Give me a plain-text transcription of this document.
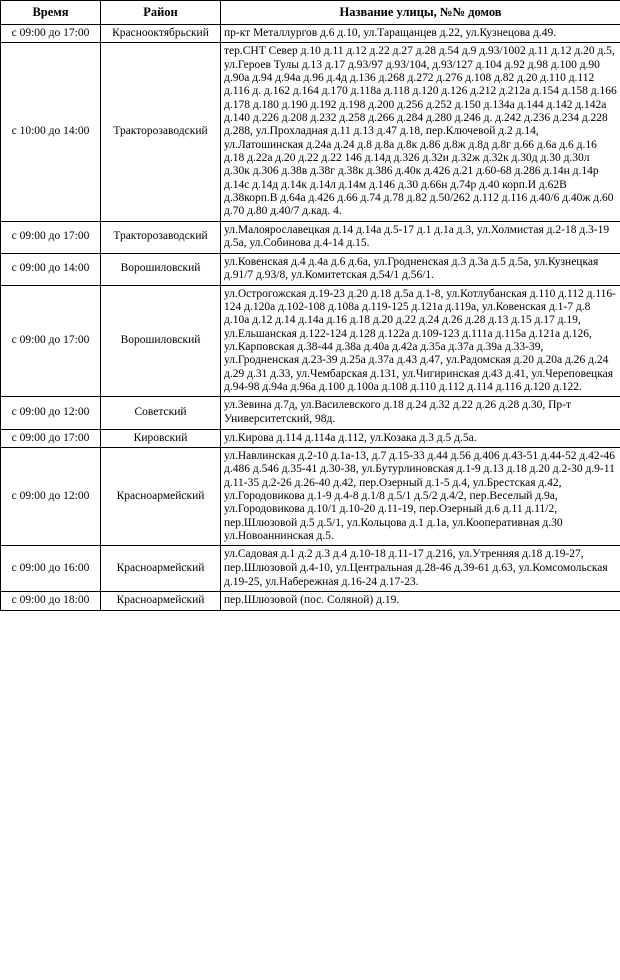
Время	Район	Название улицы, №№ домов
с 09:00 до 17:00	Краснооктябрьский	пр-кт Металлургов д.6 д.10, ул.Таращанцев д.22, ул.Кузнецова д.49.
с 10:00 до 14:00	Тракторозаводский	тер.СНТ Север д.10 д.11 д.12 д.22 д.27 д.28 д.54 д.9 д.93/1002 д.11 д.12 д.20 д.5, ул.Героев Тулы д.13 д.17 д.93/97 д.93/104, д.93/127 д.104 д.92 д.98 д.100 д.90 д.90а д.94 д.94а д.96 д.4д д.136 д.268 д.272 д.276 д.108 д.82 д.20 д.110 д.112 д.116 д. д.162 д.164 д.170 д.118а д.118 д.120 д.126 д.212 д.212а д.154 д.158 д.166 д.178 д.180 д.190 д.192 д.198 д.200 д.256 д.252 д.150 д.134а д.144 д.142 д.142а д.140 д.226 д.208 д.232 д.258 д.266 д.284 д.280 д.246 д. д.242 д.236 д.234 д.228 д.288, ул.Прохладная д.11 д.13 д.47 д.18, пер.Ключевой д.2 д.14, ул.Латошинская д.24а д.24 д.8 д.8а д.8к д.86 д.8ж д.8д д.8г д.66 д.6а д.6 д.16 д.18 д.22а д.20 д.22 д.22 146 д.14д д.326 д.32и д.32ж д.32к д.30д д.30 д.30л д.30к д.306 д.38в д.38г д.38к д.386 д.40к д.426 д.21 д.60-68 д.286 д.14н д.14р д.14с д.14д д.14к д.14л д.14м д.146 д.30 д.66н д.74р д.40 корп.И д.62В д.38корп.В д.64а д.426 д.66 д.74 д.78 д.82 д.50/262 д.112 д.116 д.40/6 д.40ж д.60 д.70 д.80 д.40/7 д.кад. 4.
с 09:00 до 17:00	Тракторозаводский	ул.Малоярославецкая д.14 д.14а д.5-17 д.1 д.1а д.3, ул.Холмистая д.2-18 д.3-19 д.5а, ул.Собинова д.4-14 д.15.
с 09:00 до 14:00	Ворошиловский	ул.Ковенская д.4 д.4а д.6 д.6а, ул.Гродненская д.3 д.3а д.5 д.5а, ул.Кузнецкая д.91/7 д.93/8, ул.Комитетская д.54/1 д.56/1.
с 09:00 до 17:00	Ворошиловский	ул.Острогожская д.19-23 д.20 д.18 д.5а д.1-8, ул.Котлубанская д.110 д.112 д.116-124 д.120а д.102-108 д.108а д.119-125 д.121а д.119а, ул.Ковенская д.1-7 д.8 д.10а д.12 д.14 д.14а д.16 д.18 д.20 д.22 д.24 д.26 д.28 д.13 д.15 д.17 д.19, ул.Ельшанская д.122-124 д.128 д.122а д.109-123 д.111а д.115а д.121а д.126, ул.Карповская д.38-44 д.38а д.40а д.42а д.35а д.37а д.39а д.33-39, ул.Гродненская д.23-39 д.25а д.37а д.43 д.47, ул.Радомская д.20 д.20а д.26 д.24 д.29 д.31 д.33, ул.Чембарская д.131, ул.Чигиринская д.43 д.41, ул.Череповецкая д.94-98 д.94а д.96а д.100 д.100а д.108 д.110 д.112 д.114 д.116 д.120 д.122.
с 09:00 до 12:00	Советский	ул.Зевина д.7д, ул.Василевского д.18 д.24 д.32 д.22 д.26 д.28 д.30, Пр-т Университетский, 98д.
с 09:00 до 17:00	Кировский	ул.Кирова д.114 д.114а д.112, ул.Козака д.3 д.5 д.5а.
с 09:00 до 12:00	Красноармейский	ул.Навлинская д.2-10 д.1а-13, д.7 д.15-33 д.44 д.56 д.406 д.43-51 д.44-52 д.42-46 д.486 д.546 д.35-41 д.30-38, ул.Бутурлиновская д.1-9 д.13 д.18 д.20 д.2-30 д.9-11 д.11-35 д.2-26 д.26-40 д.42, пер.Озерный д.1-5 д.4, ул.Брестская д.42, ул.Городовикова д.1-9 д.4-8 д.1/8 д.5/1 д.5/2 д.4/2, пер.Веселый д.9а, ул.Городовикова д.10/1 д.10-20 д.11-19, пер.Озерный д.6 д.11 д.11/2, пер.Шлюзовой д.5 д.5/1, ул.Кольцова д.1 д.1а, ул.Кооперативная д.30 ул.Новоаннинская д.5.
с 09:00 до 16:00	Красноармейский	ул.Садовая д.1 д.2 д.3 д.4 д.10-18 д.11-17 д.216, ул.Утренняя д.18 д.19-27, пер.Шлюзовой д.4-10, ул.Центральная д.28-46 д.39-61 д.63, ул.Комсомольская д.19-25, ул.Набережная д.16-24 д.17-23.
с 09:00 до 18:00	Красноармейский	пер.Шлюзовой (пос. Соляной) д.19.
